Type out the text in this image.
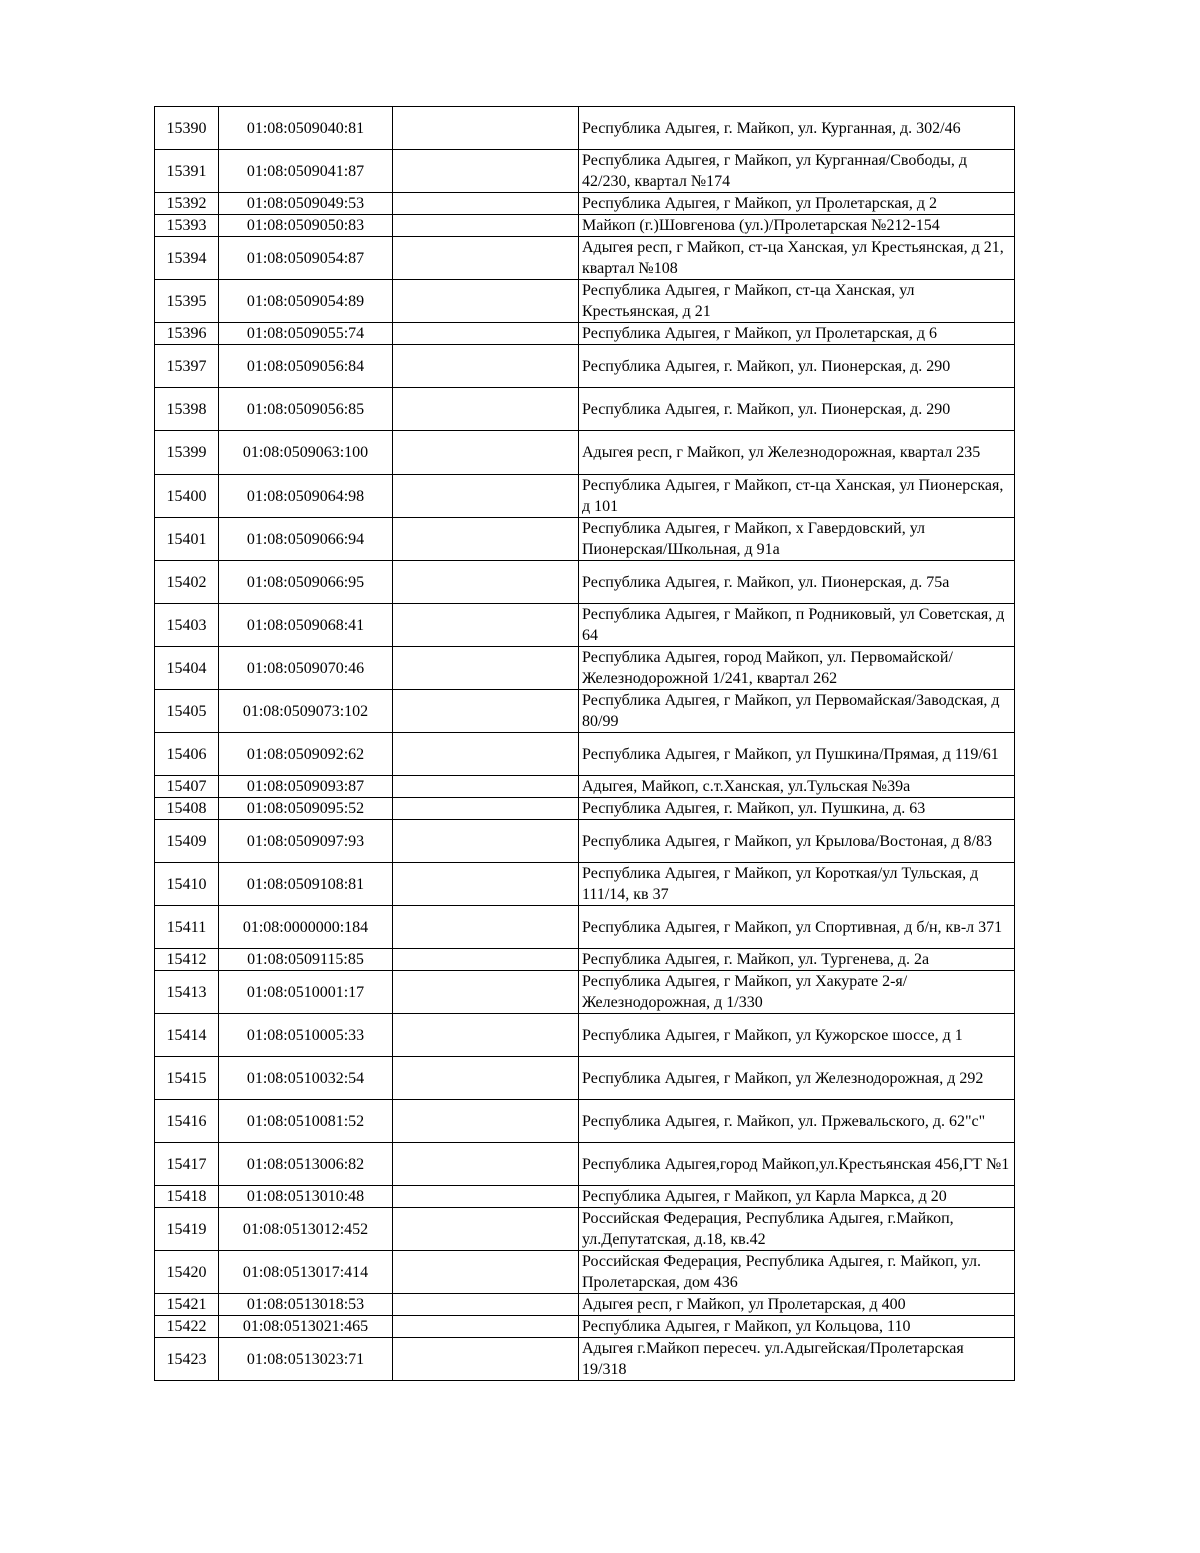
15390	01:08:0509040:81		Республика Адыгея, г. Майкоп, ул. Курганная, д. 302/46
15391	01:08:0509041:87		Республика Адыгея, г Майкоп, ул Курганная/Свободы, д 42/230, квартал №174
15392	01:08:0509049:53		Республика Адыгея, г Майкоп, ул Пролетарская, д 2
15393	01:08:0509050:83		Майкоп (г.)Шовгенова (ул.)/Пролетарская №212-154
15394	01:08:0509054:87		Адыгея респ, г Майкоп, ст-ца Ханская, ул Крестьянская, д 21, квартал №108
15395	01:08:0509054:89		Республика Адыгея, г Майкоп, ст-ца Ханская, ул Крестьянская, д 21
15396	01:08:0509055:74		Республика Адыгея, г Майкоп, ул Пролетарская, д 6
15397	01:08:0509056:84		Республика Адыгея, г. Майкоп, ул. Пионерская, д. 290
15398	01:08:0509056:85		Республика Адыгея, г. Майкоп, ул. Пионерская, д. 290
15399	01:08:0509063:100		Адыгея респ, г Майкоп, ул Железнодорожная, квартал 235
15400	01:08:0509064:98		Республика Адыгея, г Майкоп, ст-ца Ханская, ул Пионерская, д 101
15401	01:08:0509066:94		Республика Адыгея, г Майкоп, х Гавердовский, ул Пионерская/Школьная, д 91а
15402	01:08:0509066:95		Республика Адыгея, г. Майкоп, ул. Пионерская, д. 75а
15403	01:08:0509068:41		Республика Адыгея, г Майкоп, п Родниковый, ул Советская, д 64
15404	01:08:0509070:46		Республика Адыгея, город Майкоп, ул. Первомайской/Железнодорожной 1/241, квартал 262
15405	01:08:0509073:102		Республика Адыгея, г Майкоп, ул Первомайская/Заводская, д 80/99
15406	01:08:0509092:62		Республика Адыгея, г Майкоп, ул Пушкина/Прямая, д 119/61
15407	01:08:0509093:87		Адыгея, Майкоп, с.т.Ханская, ул.Тульская №39а
15408	01:08:0509095:52		Республика Адыгея, г. Майкоп, ул. Пушкина, д. 63
15409	01:08:0509097:93		Республика Адыгея, г Майкоп, ул Крылова/Востоная, д 8/83
15410	01:08:0509108:81		Республика Адыгея, г Майкоп, ул Короткая/ул Тульская, д 111/14, кв 37
15411	01:08:0000000:184		Республика Адыгея, г Майкоп, ул Спортивная, д б/н, кв-л 371
15412	01:08:0509115:85		Республика Адыгея, г. Майкоп, ул. Тургенева, д. 2а
15413	01:08:0510001:17		Республика Адыгея, г Майкоп, ул Хакурате 2-я/Железнодорожная, д 1/330
15414	01:08:0510005:33		Республика Адыгея, г Майкоп, ул Кужорское шоссе, д 1
15415	01:08:0510032:54		Республика Адыгея, г Майкоп, ул Железнодорожная, д 292
15416	01:08:0510081:52		Республика Адыгея, г. Майкоп, ул. Пржевальского, д. 62"с"
15417	01:08:0513006:82		Республика Адыгея,город Майкоп,ул.Крестьянская 456,ГТ №1
15418	01:08:0513010:48		Республика Адыгея, г Майкоп, ул Карла Маркса, д 20
15419	01:08:0513012:452		Российская Федерация, Республика Адыгея, г.Майкоп, ул.Депутатская, д.18, кв.42
15420	01:08:0513017:414		Российская Федерация, Республика Адыгея, г. Майкоп, ул. Пролетарская, дом 436
15421	01:08:0513018:53		Адыгея респ, г Майкоп, ул Пролетарская, д 400
15422	01:08:0513021:465		Республика Адыгея, г Майкоп, ул Кольцова, 110
15423	01:08:0513023:71		Адыгея г.Майкоп пересеч. ул.Адыгейская/Пролетарская 19/318
